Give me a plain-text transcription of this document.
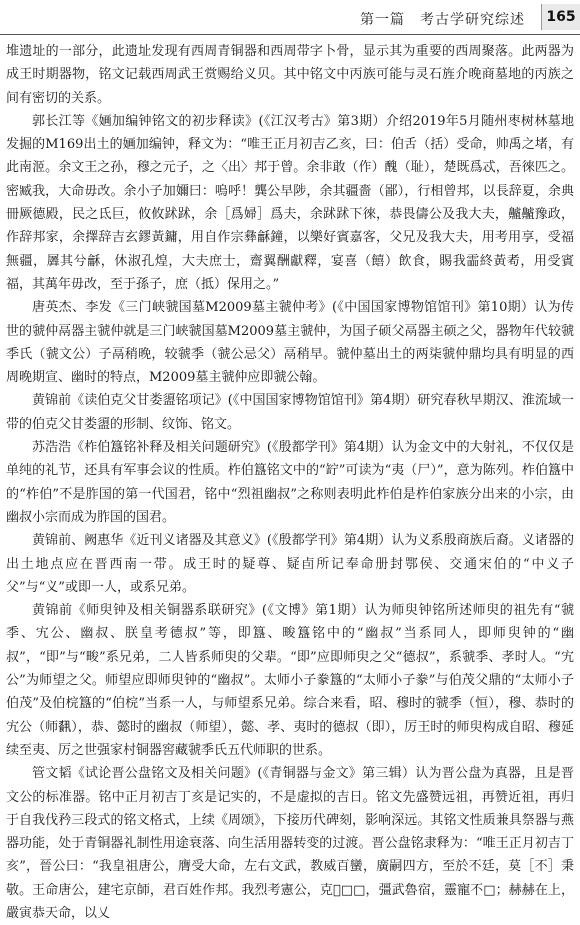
第一篇　考古学研究综述	165

堆遗址的一部分，此遗址发现有西周青铜器和西周带字卜骨，显示其为重要的西周聚落。此两器为成王时期器物，铭文记载西周武王赏赐给义贝。其中铭文中丙族可能与灵石旌介晚商墓地的丙族之间有密切的关系。

郭长江等《婳加编钟铭文的初步释读》(《江汉考古》第3期）介绍2019年5月随州枣树林墓地发掘的M169出土的婳加编钟，释文为：“唯王正月初吉乙亥，曰：伯舌（括）受命，帅禹之堵，有此南洍。余文王之孙，穆之元子，之〈出〉邦于曾。余非敢（作）醜（耻），楚既爲忒，吾徠匹之。密臧我，大命毋改。余小子加嬭曰：嗚呼！龔公早陟，余其疆嗇（鄙），行相曾邦，以長辞夏，余典冊厥德殿，民之氐巨，攸攸䟣䟣，余［爲婦］爲夫，余䟣䟣下徠，恭畏儔公及我大夫，齇齇豫政，作辞邦家，余擇辞吉玄鏐黃鏞，用自作宗彝龢鐘，以樂好賓嘉客，父兄及我大夫，用考用享，受福無疆，羼其兮龢，休淑孔煌，大夫庶士，齋翼酬獻釋，宴喜（饎）飲食，賜我霝終黃耇，用受賓福，其萬年毋改，至于孫子，庶（抵）保用之。”

唐英杰、李发《三门峡虢国墓M2009墓主虢仲考》(《中国国家博物馆馆刊》第10期）认为传世的虢仲鬲器主虢仲就是三门峡虢国墓M2009墓主虢仲，为国子硕父鬲器主硕之父，器物年代较虢季氏（虢文公）子鬲稍晚，较虢季（虢公忌父）鬲稍早。虢仲墓出土的两柒虢仲鼎均具有明显的西周晚期宣、幽时的特点，M2009墓主虢仲应即虢公翰。

黄锦前《读伯克父甘娄盨铭项记》(《中国国家博物馆馆刊》第4期）研究春秋早期汉、淮流域一带的伯克父甘娄盨的形制、纹饰、铭文。

苏浩浩《柞伯簋铭补释及相关问题研究》(《殷都学刊》第4期）认为金文中的大射礼，不仅仅是单纯的礼节，还具有军事会议的性质。柞伯簋铭文中的“䍆”可读为“夷（尸）”，意为陈列。柞伯簋中的“柞伯”不是胙国的第一代国君，铭中“烈祖幽叔”之称则表明此柞伯是柞伯家族分出来的小宗，由幽叔小宗而成为胙国的国君。

黄锦前、阙惠华《近刊义诸器及其意义》(《殷都学刊》第4期）认为义系殷商族后裔。义诸器的出土地点应在晋西南一带。成王时的疑尊、疑卣所记奉命册封鄂侯、交通宋伯的“中义子父”与“义”或即一人，或系兄弟。

黄锦前《师臾钟及相关铜器系联研究》(《文博》第1期）认为师臾钟铭所述师臾的祖先有“虢季、宄公、幽叔、朕皇考德叔”等，即簋、畯簋铭中的“幽叔”当系同人，即师臾钟的“幽叔”，“即”与“畯”系兄弟，二人皆系师臾的父辈。“即”应即师臾之父“德叔”，系虢季、孝时人。“宄公”为师望之父。师望应即师臾钟的“幽叔”。太师小子豢簋的“太师小子豢”与伯茂父鼎的“太师小子伯茂”及伯梡簋的“伯梡”当系一人，与师望系兄弟。综合来看，昭、穆时的虢季（恒），穆、恭时的宄公（师𩛥），恭、懿时的幽叔（师望），懿、孝、夷时的德叔（即），厉王时的师臾构成自昭、穆延续至夷、厉之世强家村铜器窖藏虢季氏五代师职的世系。

管文韬《试论晋公盘铭文及相关问题》(《青铜器与金文》第三辑）认为晋公盘为真器，且是晋文公的标准器。铭中正月初吉丁亥是记实的，不是虚拟的吉日。铭文先盛赞远祖，再赞近祖，再归于自我伐矜三段式的铭文格式，上续《周颂》，下接历代碑刻，影响深远。其铭文性质兼具祭器与燕器功能，处于青铜器礼制性用途衰落、向生活用器转变的过渡。晋公盘铭隶释为：“唯王正月初吉丁亥”，晉公曰：“我皇祖唐公，膺受大命，左右文武，教威百蠻，廣嗣四方，至於不廷，莫［不］秉敬。王命唐公，建宅京師，君百姓作邦。我烈考憲公，克𠑇□□，彊武魯宿，靈寵不□；赫赫在上，嚴寅恭天命，以乂
